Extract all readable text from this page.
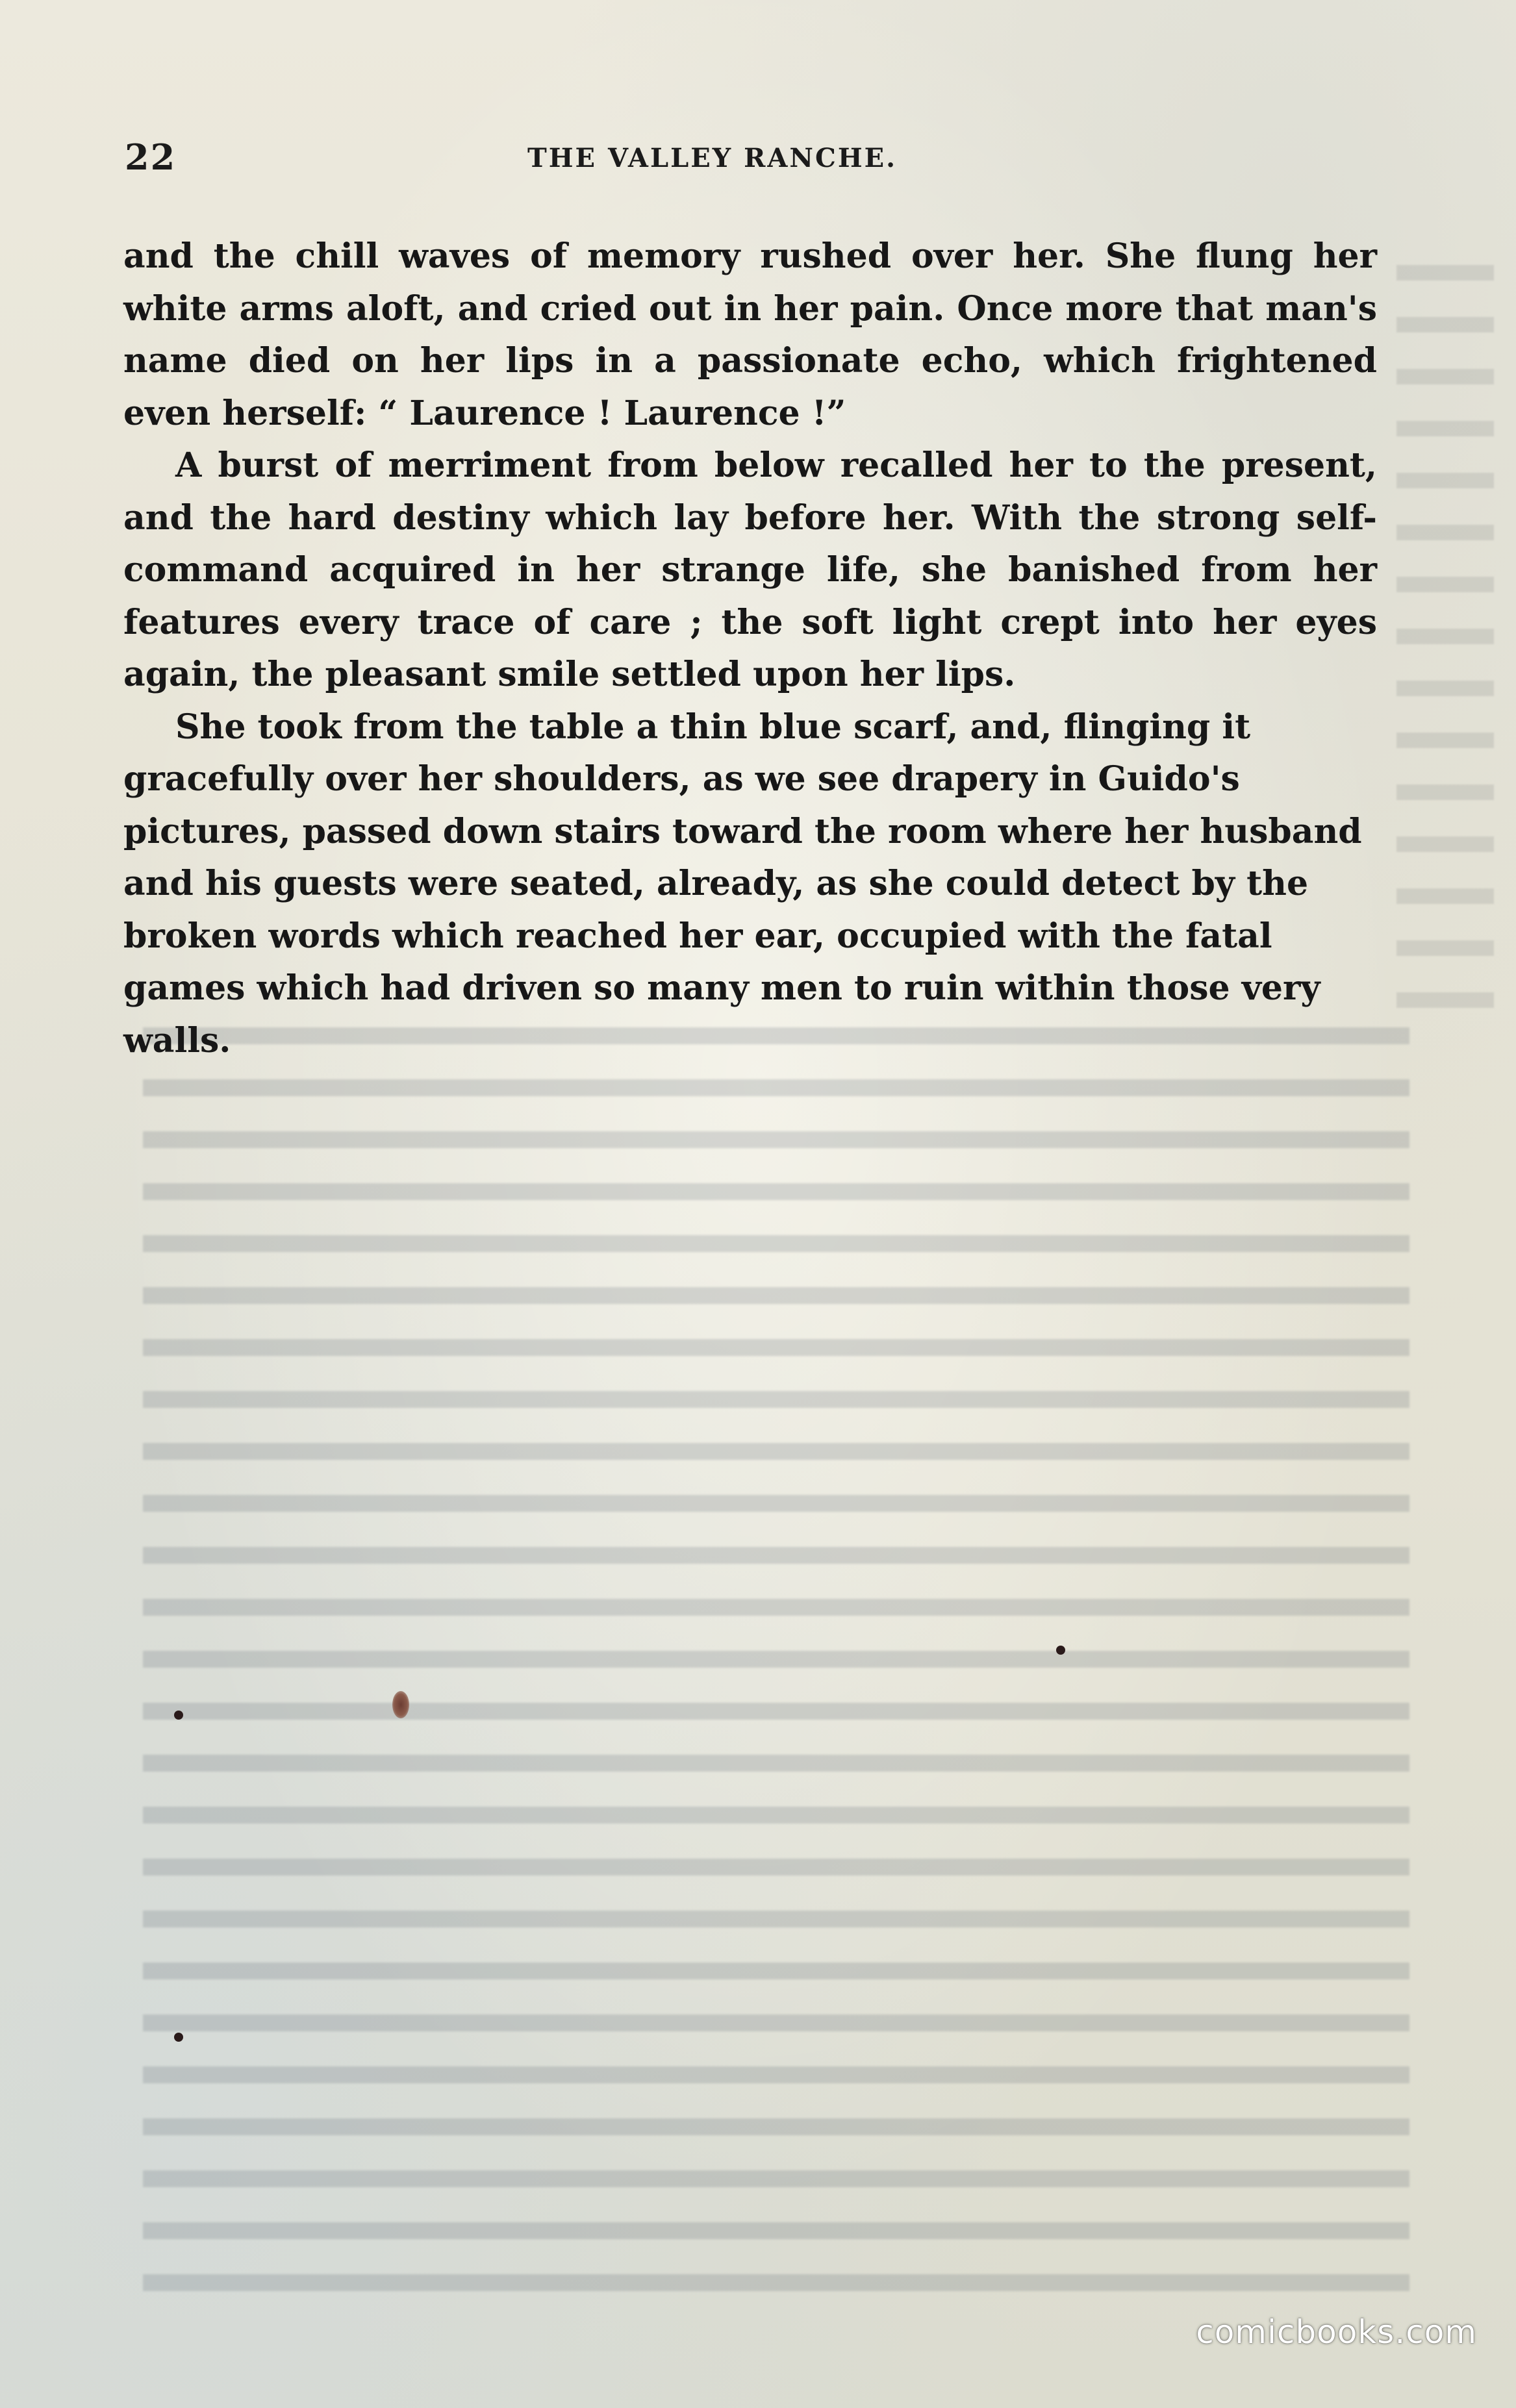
22	THE VALLEY RANCHE.

and the chill waves of memory rushed over her. She flung her white arms aloft, and cried out in her pain. Once more that man's name died on her lips in a passionate echo, which frightened even herself: “ Laurence ! Laurence !”

A burst of merriment from below recalled her to the present, and the hard destiny which lay before her. With the strong self-command acquired in her strange life, she banished from her features every trace of care ; the soft light crept into her eyes again, the pleasant smile settled upon her lips.

She took from the table a thin blue scarf, and, flinging it gracefully over her shoulders, as we see drapery in Guido's pictures, passed down stairs toward the room where her husband and his guests were seated, already, as she could detect by the broken words which reached her ear, occupied with the fatal games which had driven so many men to ruin within those very walls.

comicbooks.com
